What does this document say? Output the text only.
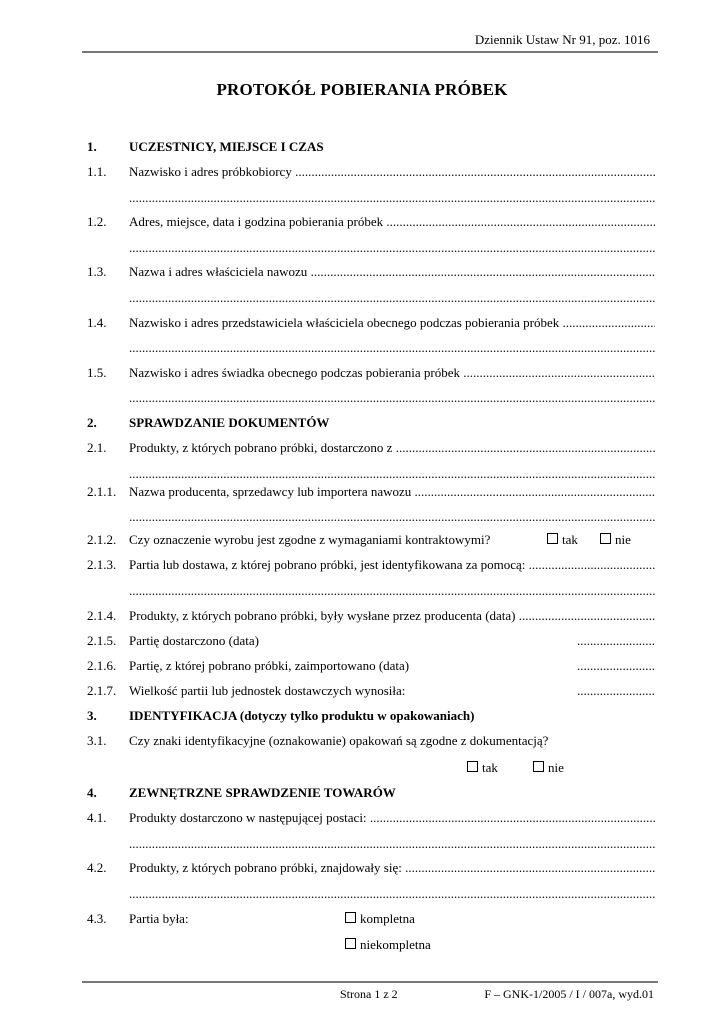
Dziennik Ustaw Nr 91, poz. 1016
PROTOKÓŁ POBIERANIA PRÓBEK
1. UCZESTNICY, MIEJSCE I CZAS
1.1. Nazwisko i adres próbkobiorcy .....
.....
1.2. Adres, miejsce, data i godzina pobierania próbek .....
.....
1.3. Nazwa i adres właściciela nawozu .....
.....
1.4. Nazwisko i adres przedstawiciela właściciela obecnego podczas pobierania próbek .....
.....
1.5. Nazwisko i adres świadka obecnego podczas pobierania próbek .....
.....
2. SPRAWDZANIE DOKUMENTÓW
2.1. Produkty, z których pobrano próbki, dostarczono z .....
.....
2.1.1. Nazwa producenta, sprzedawcy lub importera nawozu .....
.....
2.1.2. Czy oznaczenie wyrobu jest zgodne z wymaganiami kontraktowymi?	tak	nie
2.1.3. Partia lub dostawa, z której pobrano próbki, jest identyfikowana za pomocą: .....
.....
2.1.4. Produkty, z których pobrano próbki, były wysłane przez producenta (data) .....
2.1.5. Partię dostarczono (data)	........................
2.1.6. Partię, z której pobrano próbki, zaimportowano (data)	........................
2.1.7. Wielkość partii lub jednostek dostawczych wynosiła:	........................
3. IDENTYFIKACJA (dotyczy tylko produktu w opakowaniach)
3.1. Czy znaki identyfikacyjne (oznakowanie) opakowań są zgodne z dokumentacją?
tak	nie
4. ZEWNĘTRZNE SPRAWDZENIE TOWARÓW
4.1. Produkty dostarczono w następującej postaci: .....
.....
4.2. Produkty, z których pobrano próbki, znajdowały się: .....
.....
4.3. Partia była:	kompletna
niekompletna
Strona 1 z 2	F – GNK-1/2005 / I / 007a, wyd.01
